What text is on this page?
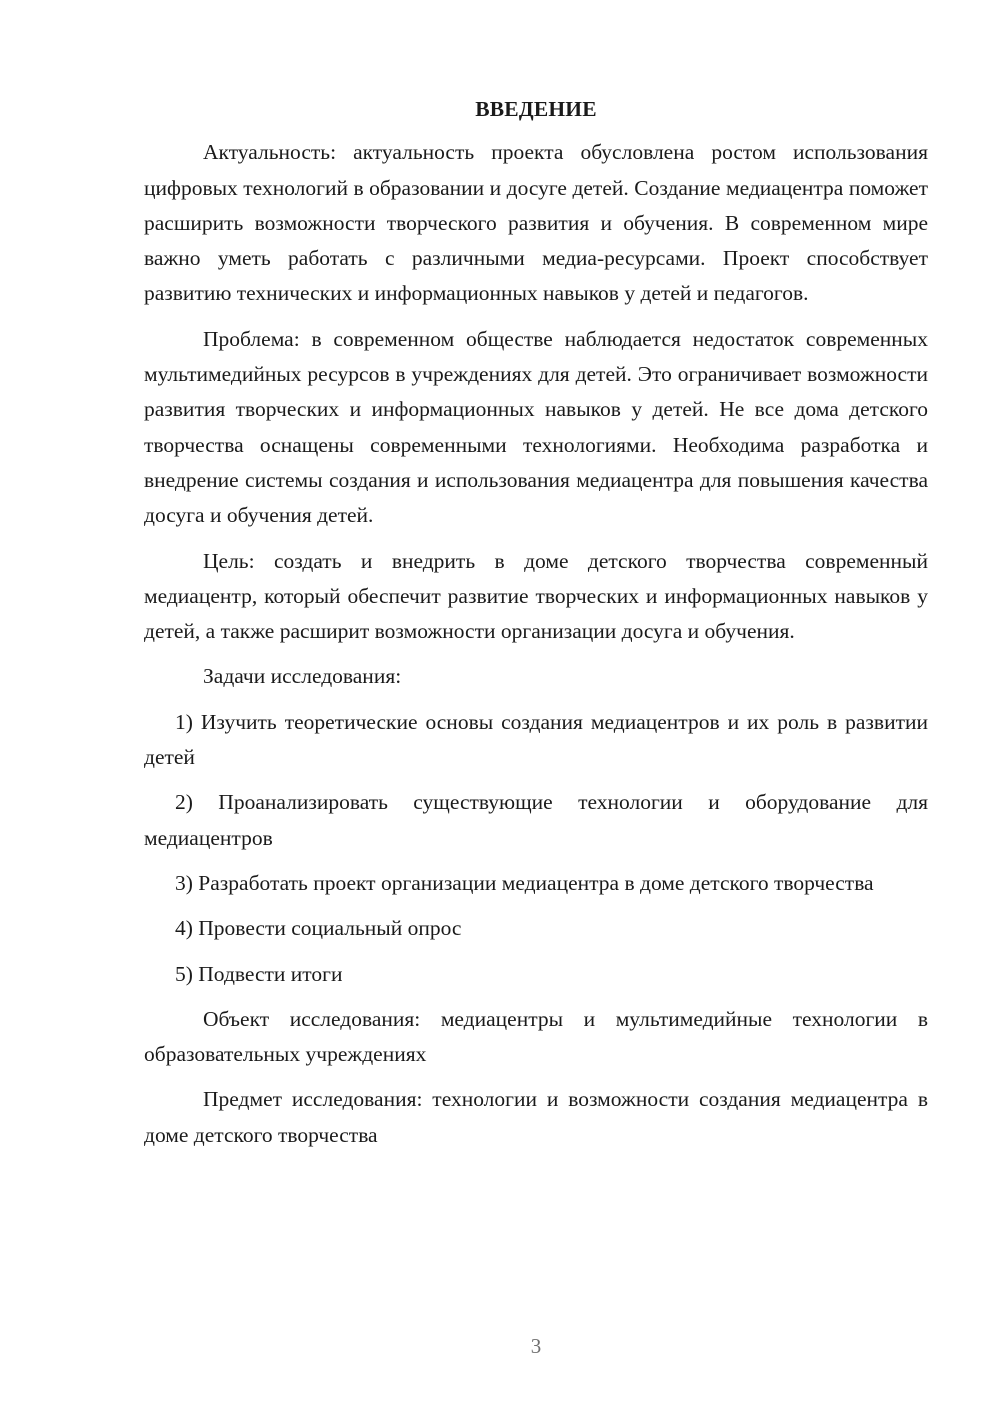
ВВЕДЕНИЕ

Актуальность: актуальность проекта обусловлена ростом использования цифровых технологий в образовании и досуге детей. Создание медиацентра поможет расширить возможности творческого развития и обучения. В современном мире важно уметь работать с различными медиа-ресурсами. Проект способствует развитию технических и информационных навыков у детей и педагогов.

Проблема: в современном обществе наблюдается недостаток современных мультимедийных ресурсов в учреждениях для детей. Это ограничивает возможности развития творческих и информационных навыков у детей. Не все дома детского творчества оснащены современными технологиями. Необходима разработка и внедрение системы создания и использования медиацентра для повышения качества досуга и обучения детей.

Цель: создать и внедрить в доме детского творчества современный медиацентр, который обеспечит развитие творческих и информационных навыков у детей, а также расширит возможности организации досуга и обучения.

Задачи исследования:

1) Изучить теоретические основы создания медиацентров и их роль в развитии детей

2) Проанализировать существующие технологии и оборудование для медиацентров

3) Разработать проект организации медиацентра в доме детского творчества

4) Провести социальный опрос

5) Подвести итоги

Объект исследования: медиацентры и мультимедийные технологии в образовательных учреждениях

Предмет исследования: технологии и возможности создания медиацентра в доме детского творчества

3
